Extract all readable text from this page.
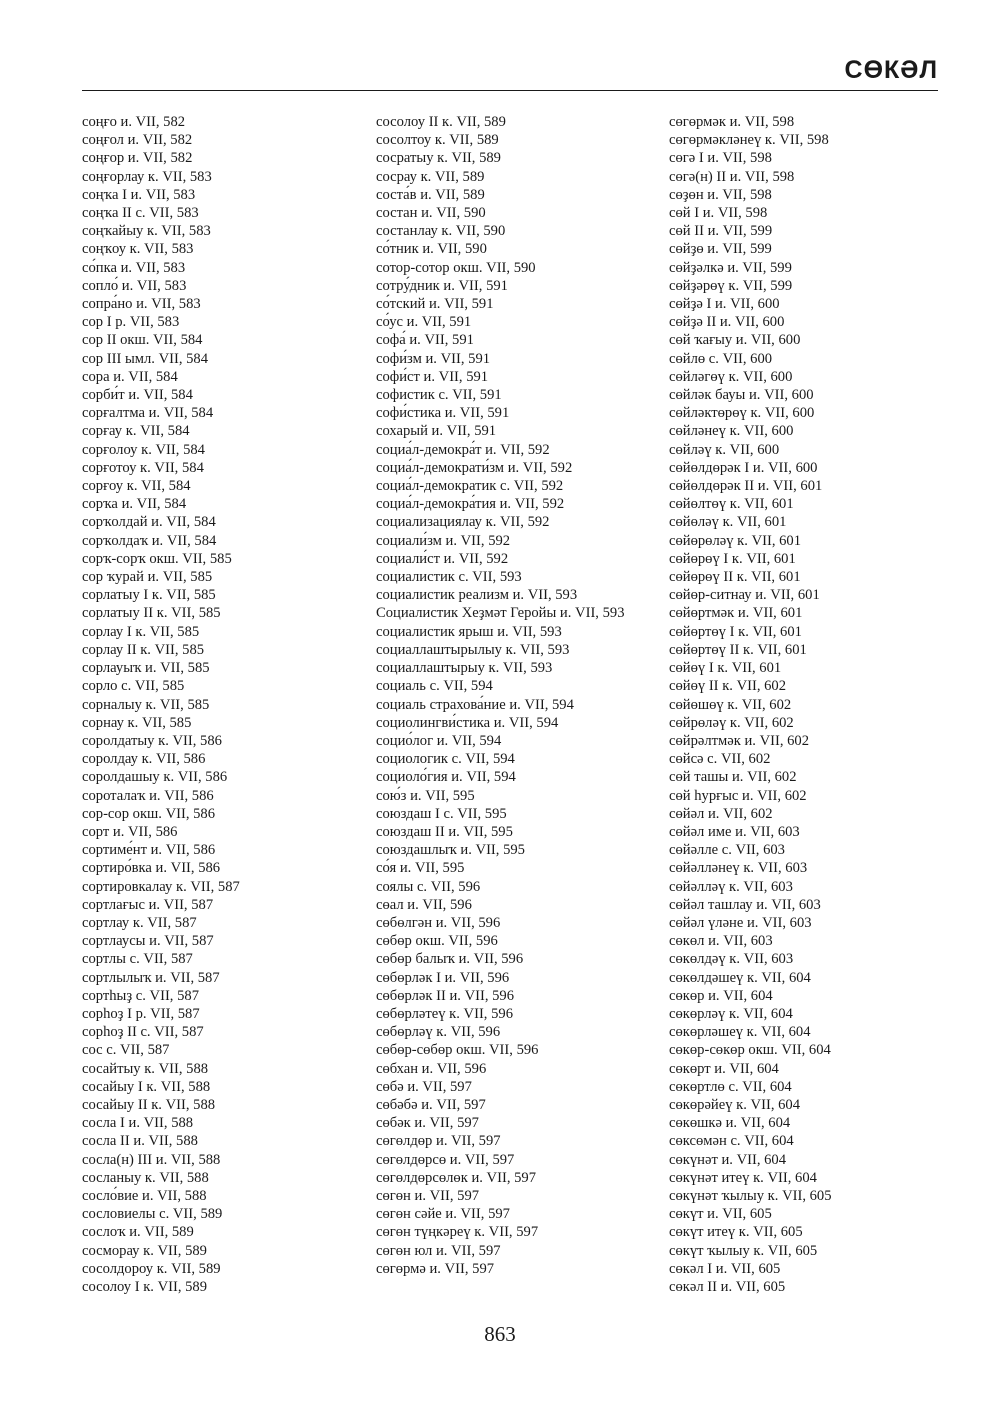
СӨКӘЛ
соңғо и. VII, 582
соңғол и. VII, 582
соңғор и. VII, 582
соңғорлау к. VII, 583
соңҡа I и. VII, 583
соңҡа II с. VII, 583
соңҡайыу к. VII, 583
соңҡоу к. VII, 583
со́пка и. VII, 583
сопло́ и. VII, 583
сопра́но и. VII, 583
сор I р. VII, 583
сор II окш. VII, 584
сор III ымл. VII, 584
сора и. VII, 584
сорби́т и. VII, 584
сорғалтма и. VII, 584
сорғау к. VII, 584
сорғолоу к. VII, 584
сорғотоу к. VII, 584
сорғоу к. VII, 584
сорҡа и. VII, 584
сорҡолдай и. VII, 584
сорҡолдаҡ и. VII, 584
сорҡ-сорҡ окш. VII, 585
сор ҡурай и. VII, 585
сорлатыу I к. VII, 585
сорлатыу II к. VII, 585
сорлау I к. VII, 585
сорлау II к. VII, 585
сорлауыҡ и. VII, 585
сорло с. VII, 585
сорналыу к. VII, 585
сорнау к. VII, 585
соролдатыу к. VII, 586
соролдау к. VII, 586
соролдашыу к. VII, 586
сороталаҡ и. VII, 586
сор-сор окш. VII, 586
сорт и. VII, 586
сортиме́нт и. VII, 586
сортиро́вка и. VII, 586
сортировкалау к. VII, 587
сортлағыс и. VII, 587
сортлау к. VII, 587
сортлаусы и. VII, 587
сортлы с. VII, 587
сортлылыҡ и. VII, 587
сортһыҙ с. VII, 587
сорһоҙ I р. VII, 587
сорһоҙ II с. VII, 587
сос с. VII, 587
сосайтыу к. VII, 588
сосайыу I к. VII, 588
сосайыу II к. VII, 588
сосла I и. VII, 588
сосла II и. VII, 588
сосла(н) III и. VII, 588
сосланыу к. VII, 588
сосло́вие и. VII, 588
сословиелы с. VII, 589
сослоҡ и. VII, 589
сосморау к. VII, 589
сосолдороу к. VII, 589
сосолоу I к. VII, 589
сосолоу II к. VII, 589
сосолтоу к. VII, 589
сосратыу к. VII, 589
сосрау к. VII, 589
соста́в и. VII, 589
состан и. VII, 590
состанлау к. VII, 590
со́тник и. VII, 590
сотор-сотор окш. VII, 590
сотру́дник и. VII, 591
со́тский и. VII, 591
со́ус и. VII, 591
софа́ и. VII, 591
софи́зм и. VII, 591
софи́ст и. VII, 591
софистик с. VII, 591
софи́стика и. VII, 591
сохарый и. VII, 591
социа́л-демокра́т и. VII, 592
социа́л-демократи́зм и. VII, 592
социа́л-демократик с. VII, 592
социа́л-демокра́тия и. VII, 592
социализациялау к. VII, 592
социали́зм и. VII, 592
социали́ст и. VII, 592
социалистик с. VII, 593
социалистик реализм и. VII, 593
Социалистик Хеҙмәт Геройы и. VII, 593
социалистик ярыш и. VII, 593
социаллаштырылыу к. VII, 593
социаллаштырыу к. VII, 593
социаль с. VII, 594
социаль страхова́ние и. VII, 594
социолингви́стика и. VII, 594
социо́лог и. VII, 594
социологик с. VII, 594
социоло́гия и. VII, 594
сою́з и. VII, 595
союздаш I с. VII, 595
союздаш II и. VII, 595
союздашлыҡ и. VII, 595
со́я и. VII, 595
соялы с. VII, 596
сөал и. VII, 596
сөбөлгән и. VII, 596
сөбөр окш. VII, 596
сөбөр балыҡ и. VII, 596
сөбөрләк I и. VII, 596
сөбөрләк II и. VII, 596
сөбөрләтеү к. VII, 596
сөбөрләү к. VII, 596
сөбөр-сөбөр окш. VII, 596
сөбхан и. VII, 596
сөбә и. VII, 597
сөбәбә и. VII, 597
сөбәк и. VII, 597
сөгөлдөр и. VII, 597
сөгөлдөрсө и. VII, 597
сөгөлдөрсөлөк и. VII, 597
сөгөн и. VII, 597
сөгөн сәйе и. VII, 597
сөгөн түңкәреү к. VII, 597
сөгөн юл и. VII, 597
сөгөрмә и. VII, 597
сөгөрмәк и. VII, 598
сөгөрмәкләнеү к. VII, 598
сөгә I и. VII, 598
сөгә(н) II и. VII, 598
сөҙөн и. VII, 598
сөй I и. VII, 598
сөй II и. VII, 599
сөйҙө и. VII, 599
сөйҙәлкә и. VII, 599
сөйҙәрөү к. VII, 599
сөйҙә I и. VII, 600
сөйҙә II и. VII, 600
сөй ҡағыу и. VII, 600
сөйлө с. VII, 600
сөйләгөү к. VII, 600
сөйләк бауы и. VII, 600
сөйләктөрөү к. VII, 600
сөйләнеү к. VII, 600
сөйләү к. VII, 600
сөйөлдөрәк I и. VII, 600
сөйөлдөрәк II и. VII, 601
сөйөлтөү к. VII, 601
сөйөләү к. VII, 601
сөйөрөләү к. VII, 601
сөйөрөү I к. VII, 601
сөйөрөү II к. VII, 601
сөйөр-ситнау и. VII, 601
сөйөртмәк и. VII, 601
сөйөртөү I к. VII, 601
сөйөртөү II к. VII, 601
сөйөү I к. VII, 601
сөйөү II к. VII, 602
сөйөшөү к. VII, 602
сөйрөләү к. VII, 602
сөйрәлтмәк и. VII, 602
сөйсә с. VII, 602
сөй ташы и. VII, 602
сөй һурғыс и. VII, 602
сөйәл и. VII, 602
сөйәл име и. VII, 603
сөйәлле с. VII, 603
сөйәлләнеү к. VII, 603
сөйәлләү к. VII, 603
сөйәл ташлау и. VII, 603
сөйәл үләне и. VII, 603
сөкөл и. VII, 603
сөкөлдәү к. VII, 603
сөкөлдәшеү к. VII, 604
сөкөр и. VII, 604
сөкөрләү к. VII, 604
сөкөрләшеү к. VII, 604
сөкөр-сөкөр окш. VII, 604
сөкөрт и. VII, 604
сөкөртлө с. VII, 604
сөкөрәйеү к. VII, 604
сөкөшкә и. VII, 604
сөксөмән с. VII, 604
сөкүнәт и. VII, 604
сөкүнәт итеү к. VII, 604
сөкүнәт ҡылыу к. VII, 605
сөкүт и. VII, 605
сөкүт итеү к. VII, 605
сөкүт ҡылыу к. VII, 605
сөкәл I и. VII, 605
сөкәл II и. VII, 605
863
